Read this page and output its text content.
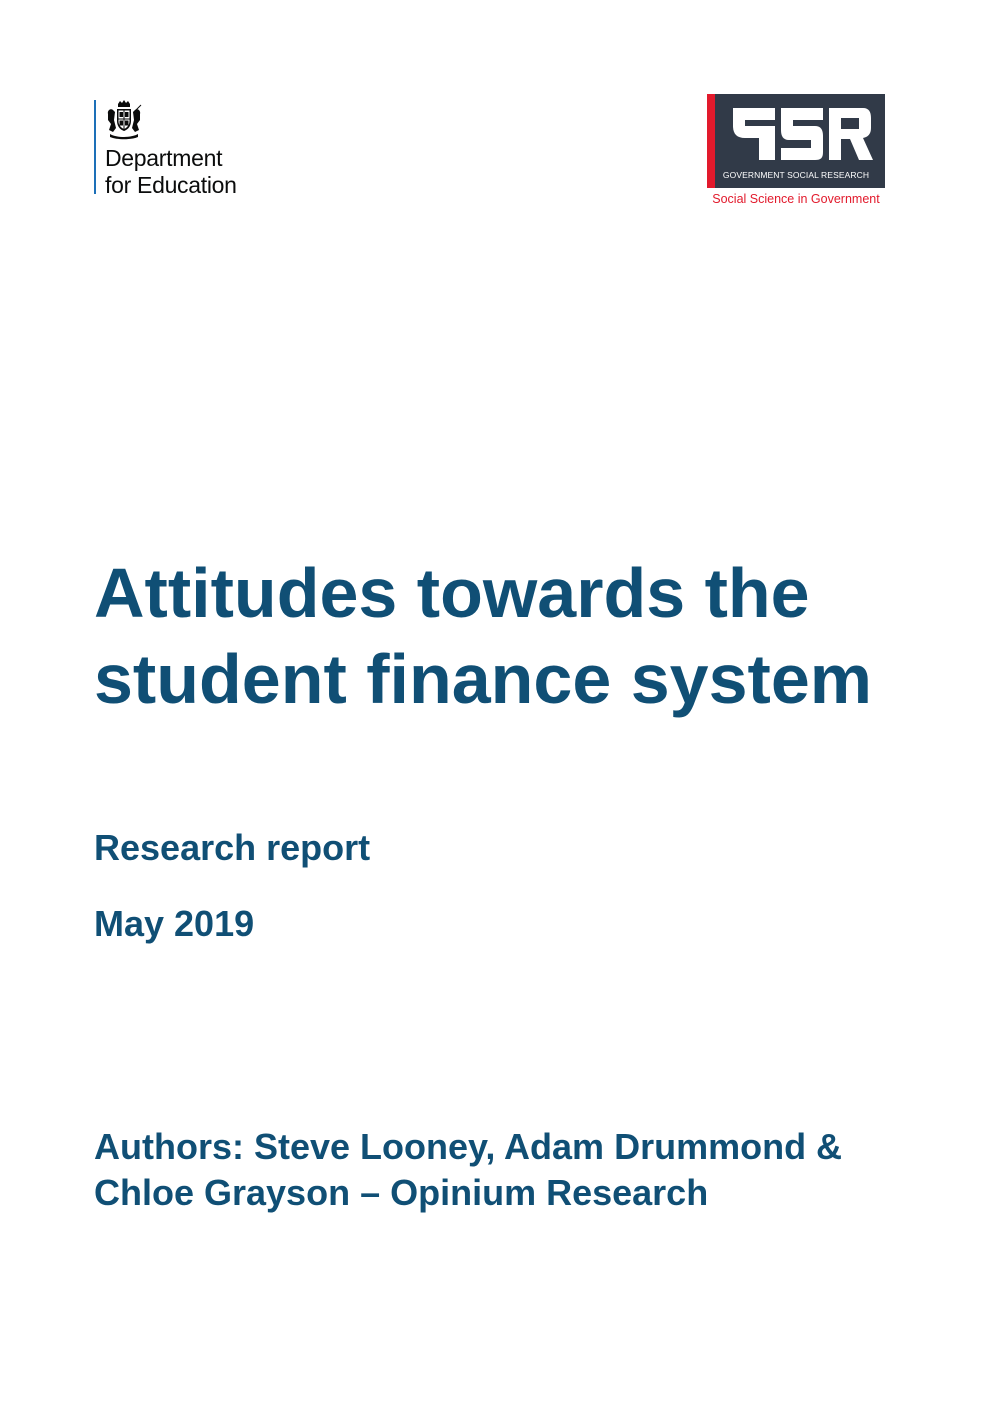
Department
for Education	GOVERNMENT SOCIAL RESEARCH
Social Science in Government
Attitudes towards the student finance system

Research report

May 2019

Authors: Steve Looney, Adam Drummond & Chloe Grayson – Opinium Research
